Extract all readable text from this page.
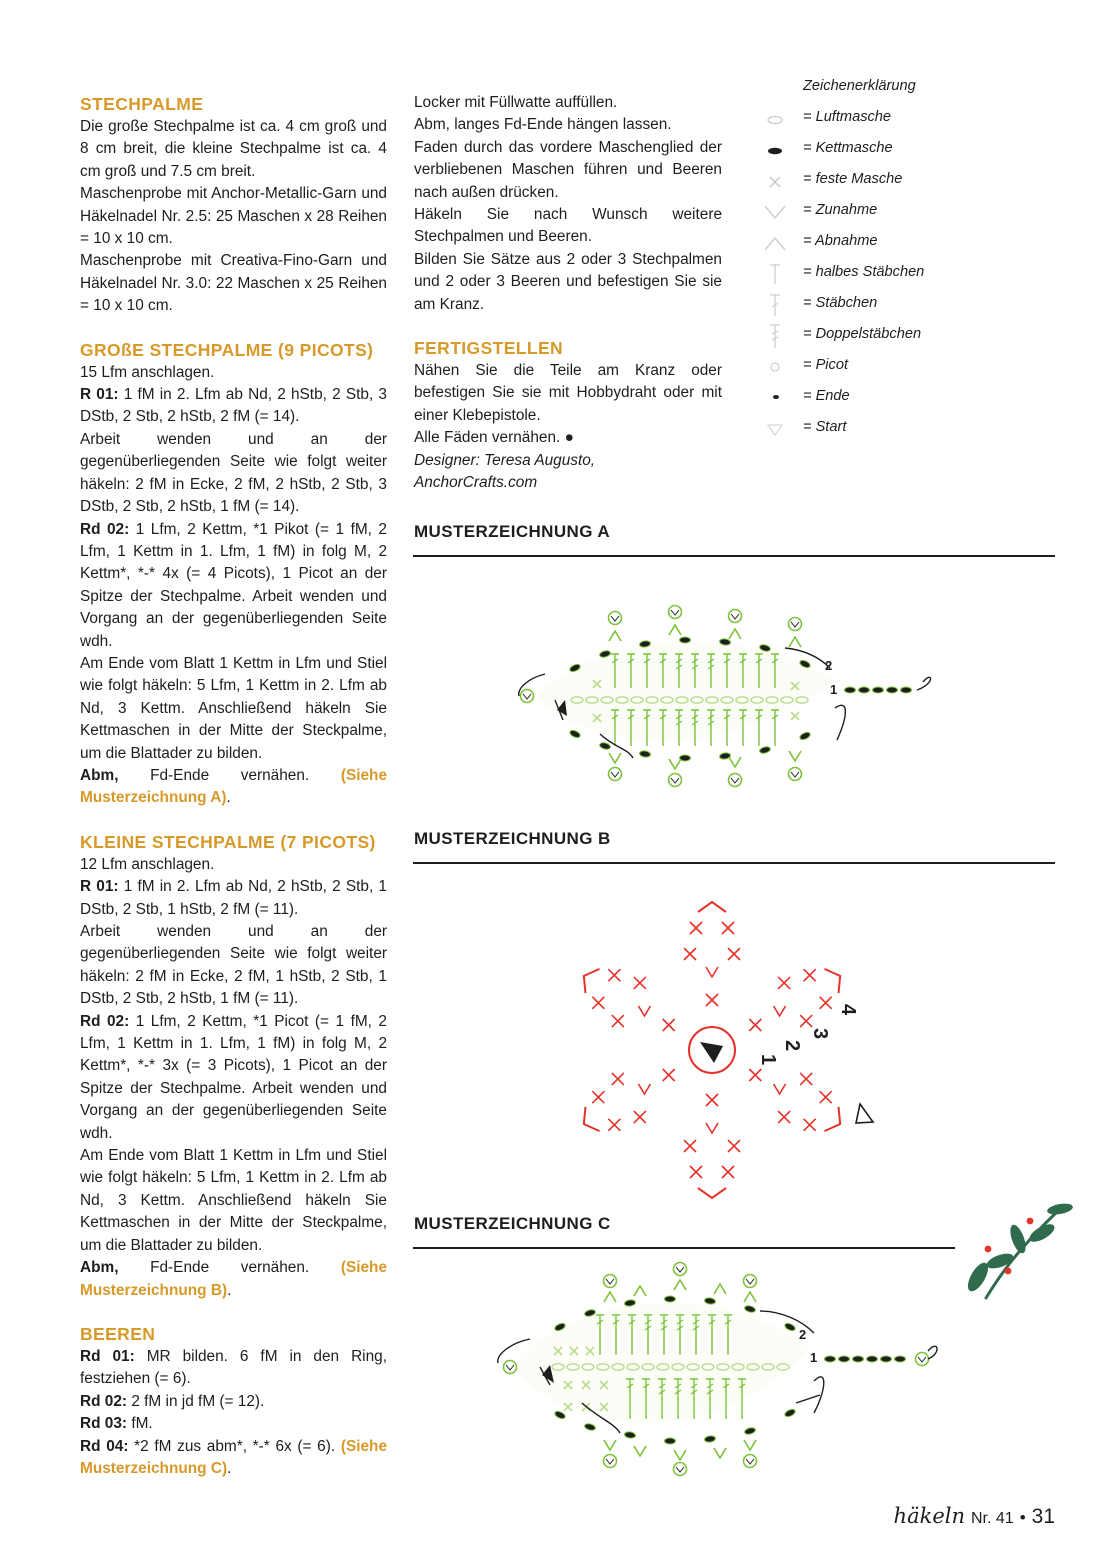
STECHPALME

Die große Stechpalme ist ca. 4 cm groß und 8 cm breit, die kleine Stechpalme ist ca. 4 cm groß und 7.5 cm breit.

Maschenprobe mit Anchor-Metallic-Garn und Häkelnadel Nr. 2.5: 25 Maschen x 28 Reihen = 10 x 10 cm.

Maschenprobe mit Creativa-Fino-Garn und Häkelnadel Nr. 3.0: 22 Maschen x 25 Reihen = 10 x 10 cm.

GROßE STECHPALME (9 PICOTS)

15 Lfm anschlagen.

R 01: 1 fM in 2. Lfm ab Nd, 2 hStb, 2 Stb, 3 DStb, 2 Stb, 2 hStb, 2 fM (= 14).

Arbeit wenden und an der gegenüberliegenden Seite wie folgt weiter häkeln: 2 fM in Ecke, 2 fM, 2 hStb, 2 Stb, 3 DStb, 2 Stb, 2 hStb, 1 fM (= 14).

Rd 02: 1 Lfm, 2 Kettm, *1 Pikot (= 1 fM, 2 Lfm, 1 Kettm in 1. Lfm, 1 fM) in folg M, 2 Kettm*, *-* 4x (= 4 Picots), 1 Picot an der Spitze der Stechpalme. Arbeit wenden und Vorgang an der gegenüberliegenden Seite wdh.

Am Ende vom Blatt 1 Kettm in Lfm und Stiel wie folgt häkeln: 5 Lfm, 1 Kettm in 2. Lfm ab Nd, 3 Kettm. Anschließend häkeln Sie Kettmaschen in der Mitte der Steckpalme, um die Blattader zu bilden.

Abm, Fd-Ende vernähen. (Siehe Musterzeichnung A).

KLEINE STECHPALME (7 PICOTS)

12 Lfm anschlagen.

R 01: 1 fM in 2. Lfm ab Nd, 2 hStb, 2 Stb, 1 DStb, 2 Stb, 1 hStb, 2 fM (= 11).

Arbeit wenden und an der gegenüberliegenden Seite wie folgt weiter häkeln: 2 fM in Ecke, 2 fM, 1 hStb, 2 Stb, 1 DStb, 2 Stb, 2 hStb, 1 fM (= 11).

Rd 02: 1 Lfm, 2 Kettm, *1 Picot (= 1 fM, 2 Lfm, 1 Kettm in 1. Lfm, 1 fM) in folg M, 2 Kettm*, *-* 3x (= 3 Picots), 1 Picot an der Spitze der Stechpalme. Arbeit wenden und Vorgang an der gegenüberliegenden Seite wdh.

Am Ende vom Blatt 1 Kettm in Lfm und Stiel wie folgt häkeln: 5 Lfm, 1 Kettm in 2. Lfm ab Nd, 3 Kettm. Anschließend häkeln Sie Kettmaschen in der Mitte der Steckpalme, um die Blattader zu bilden.

Abm, Fd-Ende vernähen. (Siehe Musterzeichnung B).

BEEREN

Rd 01: MR bilden. 6 fM in den Ring, festziehen (= 6).

Rd 02: 2 fM in jd fM (= 12).

Rd 03: fM.

Rd 04: *2 fM zus abm*, *-* 6x (= 6). (Siehe Musterzeichnung C).

Locker mit Füllwatte auffüllen.

Abm, langes Fd-Ende hängen lassen.

Faden durch das vordere Maschenglied der verbliebenen Maschen führen und Beeren nach außen drücken.

Häkeln Sie nach Wunsch weitere Stechpalmen und Beeren.

Bilden Sie Sätze aus 2 oder 3 Stechpalmen und 2 oder 3 Beeren und befestigen Sie sie am Kranz.

FERTIGSTELLEN

Nähen Sie die Teile am Kranz oder befestigen Sie sie mit Hobbydraht oder mit einer Klebepistole.

Alle Fäden vernähen. ●

Designer: Teresa Augusto,

AnchorCrafts.com

Zeichenerklärung
= Luftmasche
= Kettmasche
= feste Masche
= Zunahme
= Abnahme
= halbes Stäbchen
= Stäbchen
= Doppelstäbchen
= Picot
= Ende
= Start
MUSTERZEICHNUNG A
MUSTERZEICHNUNG B
MUSTERZEICHNUNG C
2
1
1
2
3
4
2
1
häkeln Nr. 41 • 31
